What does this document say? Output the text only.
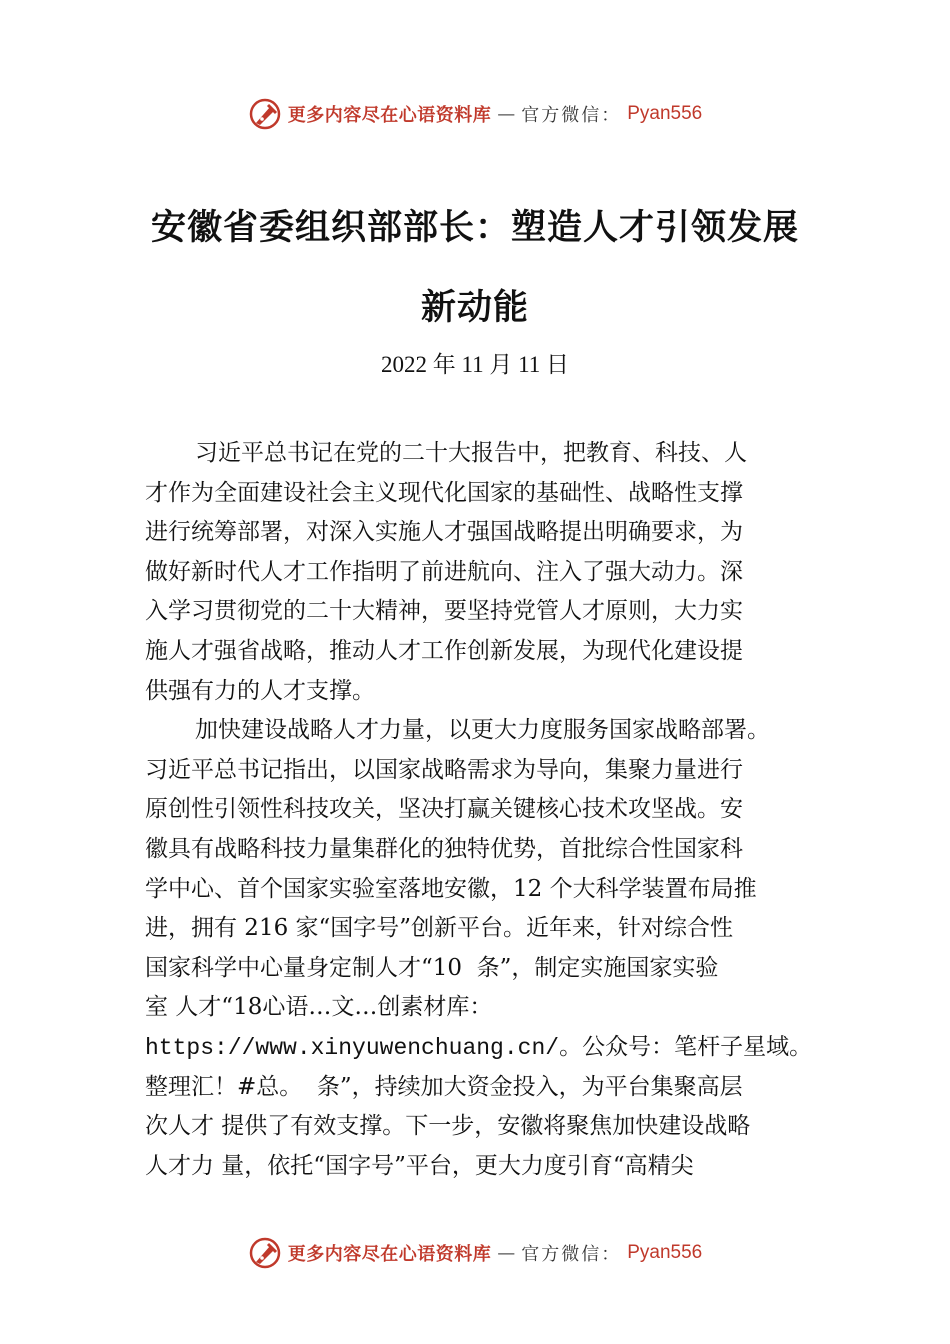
更多内容尽在心语资料库 — 官方微信： Pyan556
安徽省委组织部部长：塑造人才引领发展
新动能
2022 年 11 月 11 日
习近平总书记在党的二十大报告中，把教育、科技、人
才作为全面建设社会主义现代化国家的基础性、战略性支撑
进行统筹部署，对深入实施人才强国战略提出明确要求，为
做好新时代人才工作指明了前进航向、注入了强大动力。深
入学习贯彻党的二十大精神，要坚持党管人才原则，大力实
施人才强省战略，推动人才工作创新发展，为现代化建设提
供强有力的人才支撑。
加快建设战略人才力量，以更大力度服务国家战略部署。
习近平总书记指出，以国家战略需求为导向，集聚力量进行
原创性引领性科技攻关，坚决打赢关键核心技术攻坚战。安
徽具有战略科技力量集群化的独特优势，首批综合性国家科
学中心、首个国家实验室落地安徽，12 个大科学装置布局推
进，拥有 216 家“国字号”创新平台。近年来，针对综合性
国家科学中心量身定制人才“10  条”，制定实施国家实验
室 人才“18心语…文…创素材库：
https://www.xinyuwenchuang.cn/。公众号：笔杆子星域。
整理汇！#总。  条”，持续加大资金投入，为平台集聚高层
次人才 提供了有效支撑。下一步，安徽将聚焦加快建设战略
人才力 量，依托“国字号”平台，更大力度引育“高精尖
更多内容尽在心语资料库 — 官方微信： Pyan556
